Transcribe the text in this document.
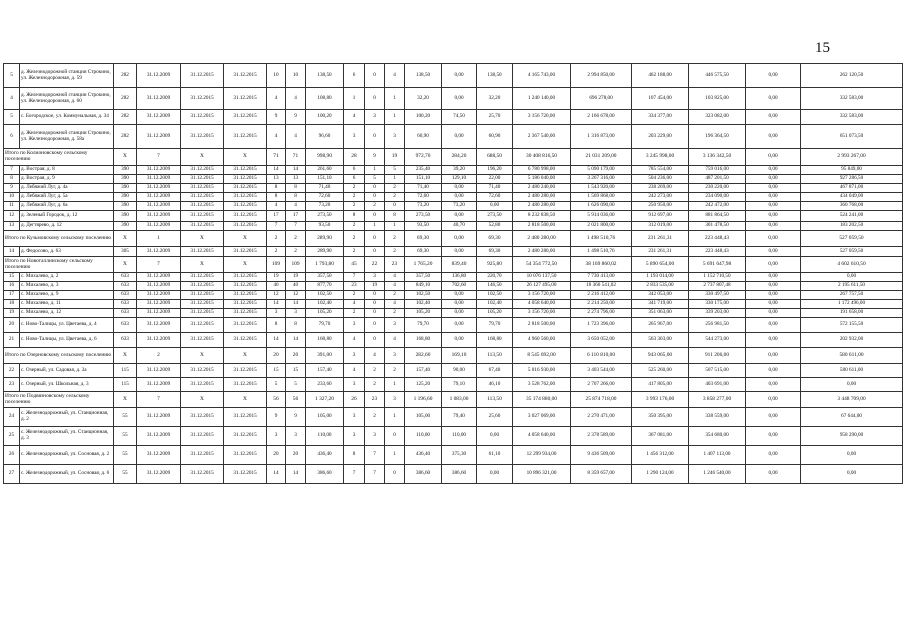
15
5	д. Железнодорожной станции Строкино, ул. Железнодорожная, д. 59	282	31.12.2009	31.12.2015	31.12.2015	10	10	138,50	6	0	4	138,50	0,00	138,50	4 165 743,00	2 994 850,00	462 188,00	446 575,50	0,00	262 120,50
4	д. Железнодорожной станции Строкино, ул. Железнодорожная, д. 60	282	31.12.2009	31.12.2015	31.12.2015	4	4	108,80	1	0	1	32,20	0,00	32,20	1 240 140,00	696 278,00	107 454,00	103 825,00	0,00	332 583,00
5	с. Богородское, ул. Коммунальная, д. 34	282	31.12.2009	31.12.2015	31.12.2015	9	9	100,20	4	3	1	100,20	74,50	25,70	3 156 720,00	2 166 678,00	334 377,00	323 082,00	0,00	332 583,00
6	д. Железнодорожной станции Строкино, ул. Железнодорожная, д. 58а	282	31.12.2009	31.12.2015	31.12.2015	4	4	96,60	3	0	3	60,90	0,00	60,90	2 367 540,00	1 316 873,00	203 229,00	196 364,50	0,00	651 073,50
Итого по Колионовскому сельскому поселению		X	7	X	X	71	71	998,90	28	9	19	972,70	284,20	688,50	30 408 816,50	21 031 209,00	3 245 998,00	3 136 342,50	0,00	2 993 267,00
7	д. Вострая, д. 8	390	31.12.2009	31.12.2015	31.12.2015	14	14	261,60	6	1	5	235,40	39,20	196,20	6 780 998,00	5 090 179,00	785 554,00	759 016,00	0,00	95 849,00
8	д. Вострая, д. 9	390	31.12.2009	31.12.2015	31.12.2015	13	13	151,10	6	5	1	151,10	129,10	22,00	5 186 040,00	3 267 316,00	504 236,00	487 201,50	0,00	927 286,50
9	д. Лебяжий Луг, д. 4а	390	31.12.2009	31.12.2015	31.12.2015	8	8	71,40	2	0	2	71,40	0,00	71,40	2 480 240,00	1 543 920,00	238 269,00	230 220,00	0,00	467 871,00
10	д. Лебяжий Луг, д. 5а	390	31.12.2009	31.12.2015	31.12.2015	8	8	72,60	2	0	2	72,60	0,00	72,60	2 480 280,00	1 569 868,00	242 273,00	234 090,00	0,00	434 049,00
11	д. Лебяжий Луг, д. 6а	390	31.12.2009	31.12.2015	31.12.2015	4	4	73,20	2	2	0	73,20	73,20	0,00	2 480 280,00	1 626 090,00	250 950,00	242 472,00	0,00	360 768,00
12	д. Зеленый Городок, д. 12	390	31.12.2009	31.12.2015	31.12.2015	17	17	273,50	8	0	8	273,50	0,00	273,50	8 232 838,50	5 914 036,00	912 697,00	881 864,50	0,00	524 241,00
13	д. Дегтярево, д. 12	390	31.12.2009	31.12.2015	31.12.2015	7	7	93,50	2	1	1	93,50	40,70	52,80	2 818 500,00	2 021 800,00	312 019,00	301 478,50	0,00	183 202,50
Итого по Кузьмовскому сельскому поселению		X	1	X	X	2	2	289,90	2	0	2	69,30	0,00	69,30	2 480 280,00	1 498 510,76	231 261,31	223 448,43	0,00	527 059,50
14	д. Федосово, д. 63	305	31.12.2009	31.12.2015	31.12.2015	2	2	289,90	2	0	2	69,30	0,00	69,30	2 480 280,00	1 498 510,76	231 261,31	223 448,43	0,00	527 059,50
Итого по Новоталлинскому сельскому поселению		X	7	X	X	109	109	1 793,80	45	22	23	1 765,20	839,40	925,80	54 354 772,50	38 169 860,02	5 890 654,00	5 691 647,98	0,00	4 602 610,50
15	с. Михалево, д. 2	633	31.12.2009	31.12.2015	31.12.2015	19	19	357,50	7	3	4	357,50	136,80	220,70	10 076 137,50	7 730 413,00	1 193 014,00	1 152 710,50	0,00	0,00
16	с. Михалево, д. 3	633	31.12.2009	31.12.2015	31.12.2015	40	40	877,70	23	19	4	849,10	702,60	146,50	26 127 495,00	18 360 541,02	2 833 535,00	2 737 807,48	0,00	2 195 611,50
17	с. Михалево, д. 9	633	31.12.2009	31.12.2015	31.12.2015	12	12	102,50	2	0	2	102,50	0,00	102,50	3 156 720,00	2 216 412,00	342 053,00	330 497,50	0,00	267 757,50
18	с. Михалево, д. 11	633	31.12.2009	31.12.2015	31.12.2015	14	14	102,40	4	0	4	102,40	0,00	102,40	4 058 640,00	2 214 250,00	341 719,00	330 175,00	0,00	1 172 496,00
19	с. Михалево, д. 12	633	31.12.2009	31.12.2015	31.12.2015	3	3	105,20	2	0	2	105,20	0,00	105,20	3 156 720,00	2 274 796,00	351 063,00	339 203,00	0,00	191 658,00
20	с. Ново-Талицы, ул. Цветаева, д. 4	633	31.12.2009	31.12.2015	31.12.2015	8	8	79,70	3	0	3	79,70	0,00	79,70	2 818 500,00	1 723 396,00	265 967,00	256 981,50	0,00	572 155,50
21	с. Ново-Талицы, ул. Цветаева, д. 6	633	31.12.2009	31.12.2015	31.12.2015	14	14	168,80	4	0	4	168,80	0,00	168,80	4 960 560,00	3 650 052,00	563 303,00	544 273,00	0,00	202 932,00
Итого по Озерновскому сельскому поселению		X	2	X	X	20	20	391,00	3	4	3	282,60	169,10	113,50	8 545 692,00	6 110 810,00	943 065,00	911 206,00	0,00	580 611,00
22	с. Озерный, ул. Садовая, д. 3а	115	31.12.2009	31.12.2015	31.12.2015	15	15	157,40	4	2	2	157,40	90,00	67,40	5 016 930,00	3 403 544,00	525 260,00	507 515,00	0,00	580 611,00
23	с. Озерный, ул. Школьная, д. 3	115	31.12.2009	31.12.2015	31.12.2015	5	5	233,60	3	2	1	125,20	79,10	46,10	3 528 762,00	2 707 266,00	417 805,00	403 691,00	0,00	0,00
Итого по Подвязновскому сельскому поселению		X	7	X	X	56	56	1 327,20	26	23	3	1 196,60	1 083,00	113,50	35 174 880,00	25 874 718,00	3 993 176,00	3 858 277,00	0,00	3 448 709,00
24	с. Железнодорожный, ул. Станционная, д. 2	55	31.12.2009	31.12.2015	31.12.2015	9	9	105,00	3	2	1	105,00	79,40	25,60	3 027 069,00	2 270 471,00	350 395,00	338 559,00	0,00	67 644,00
25	с. Железнодорожный, ул. Станционная, д. 3	55	31.12.2009	31.12.2015	31.12.2015	3	3	110,00	3	3	0	110,00	110,00	0,00	4 058 640,00	2 378 589,00	367 081,00	354 680,00	0,00	958 290,00
26	с. Железнодорожный, ул. Сосновая, д. 2	55	31.12.2009	31.12.2015	31.12.2015	20	20	436,40	8	7	1	436,40	375,30	61,10	12 299 934,00	9 436 509,00	1 456 312,00	1 407 113,00	0,00	0,00
27	с. Железнодорожный, ул. Сосновая, д. 6	55	31.12.2009	31.12.2015	31.12.2015	14	14	386,60	7	7	0	386,60	386,60	0,00	10 896 321,00	8 359 657,00	1 290 124,00	1 246 540,00	0,00	0,00
